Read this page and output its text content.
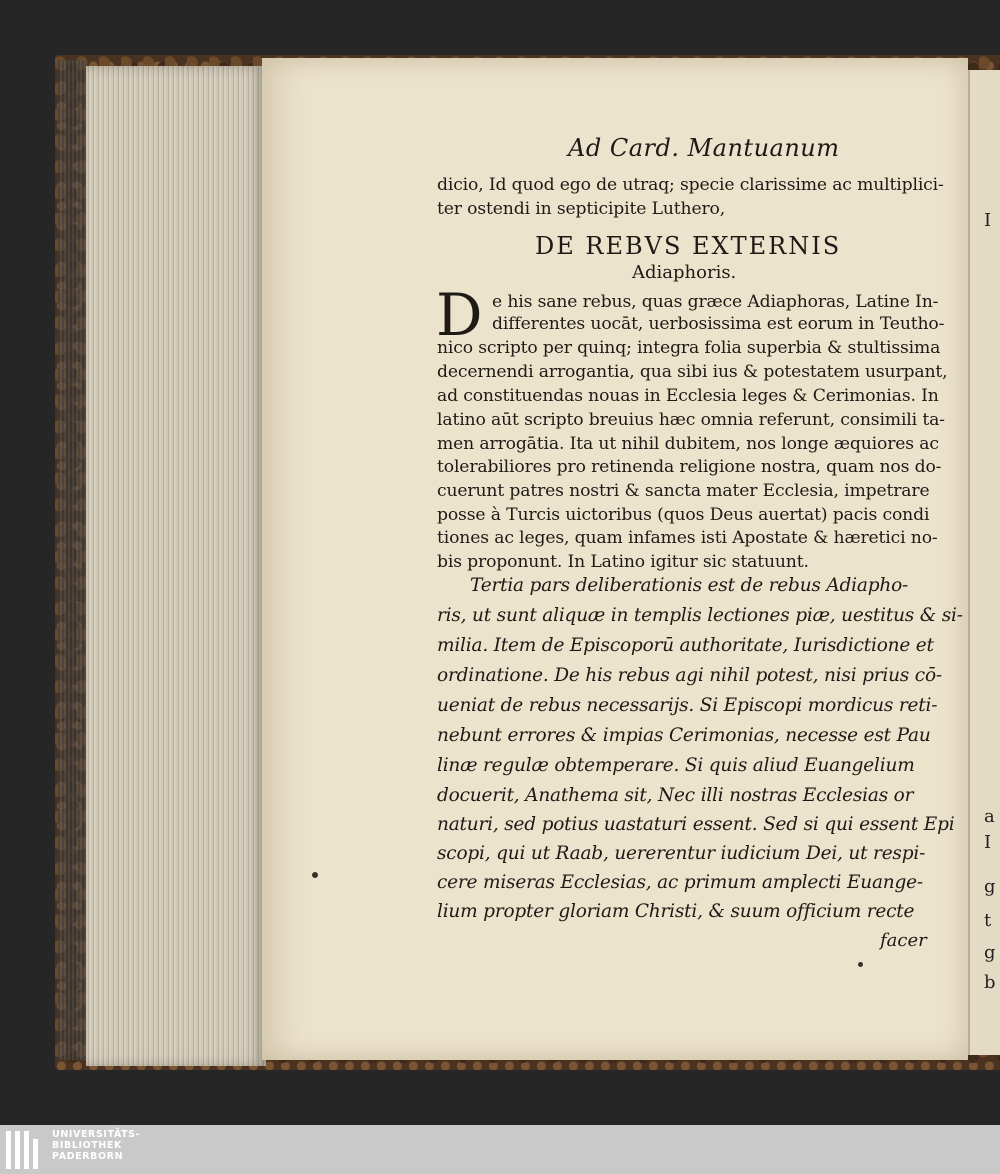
I
a
I
g
t
g
b
Ad Card. Mantuanum
dicio, Id quod ego de utraq; specie clarissime ac multiplici-
ter ostendi in septicipite Luthero,
DE REBVS EXTERNIS
Adiaphoris.
D e his sane rebus, quas græce Adiaphoras, Latine In-
differentes uocāt, uerbosissima est eorum in Teutho-
nico scripto per quinq; integra folia superbia & stultissima
decernendi arrogantia, qua sibi ius & potestatem usurpant,
ad constituendas nouas in Ecclesia leges & Cerimonias. In
latino aūt scripto breuius hæc omnia referunt, consimili ta-
men arrogātia. Ita ut nihil dubitem, nos longe æquiores ac
tolerabiliores pro retinenda religione nostra, quam nos do-
cuerunt patres nostri & sancta mater Ecclesia, impetrare
posse à Turcis uictoribus (quos Deus auertat) pacis condi
tiones ac leges, quam infames isti Apostate & hæretici no-
bis proponunt. In Latino igitur sic statuunt.
Tertia pars deliberationis est de rebus Adiapho-
ris, ut sunt aliquæ in templis lectiones piæ, uestitus & si-
milia. Item de Episcoporū authoritate, Iurisdictione et
ordinatione. De his rebus agi nihil potest, nisi prius cō-
ueniat de rebus necessarijs. Si Episcopi mordicus reti-
nebunt errores & impias Cerimonias, necesse est Pau
linæ regulæ obtemperare. Si quis aliud Euangelium
docuerit, Anathema sit, Nec illi nostras Ecclesias or
naturi, sed potius uastaturi essent. Sed si qui essent Epi
scopi, qui ut Raab, uererentur iudicium Dei, ut respi-
cere miseras Ecclesias, ac primum amplecti Euange-
lium propter gloriam Christi, & suum officium recte
facer
UNIVERSITÄTS-
BIBLIOTHEK
PADERBORN
